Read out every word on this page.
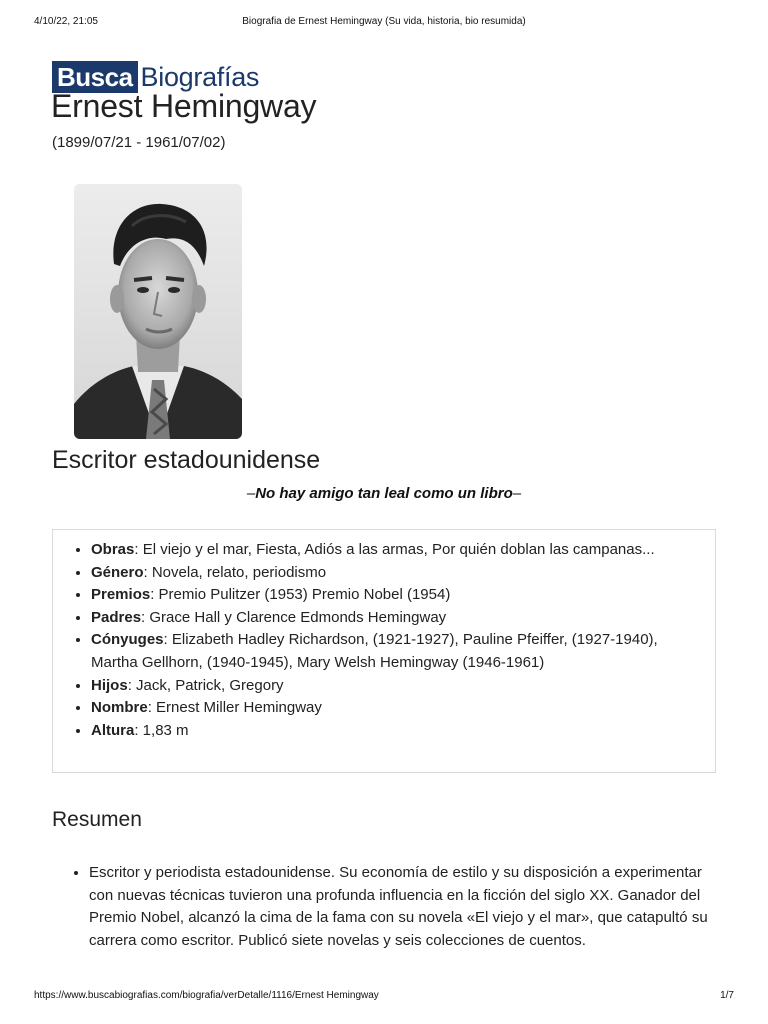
4/10/22, 21:05	Biografia de Ernest Hemingway (Su vida, historia, bio resumida)
Busca Biografías
Ernest Hemingway
(1899/07/21 - 1961/07/02)
Escritor estadounidense
–No hay amigo tan leal como un libro–
• Obras: El viejo y el mar, Fiesta, Adiós a las armas, Por quién doblan las campanas...
• Género: Novela, relato, periodismo
• Premios: Premio Pulitzer (1953) Premio Nobel (1954)
• Padres: Grace Hall y Clarence Edmonds Hemingway
• Cónyuges: Elizabeth Hadley Richardson, (1921-1927), Pauline Pfeiffer, (1927-1940), Martha Gellhorn, (1940-1945), Mary Welsh Hemingway (1946-1961)
• Hijos: Jack, Patrick, Gregory
• Nombre: Ernest Miller Hemingway
• Altura: 1,83 m
Resumen
• Escritor y periodista estadounidense. Su economía de estilo y su disposición a experimentar con nuevas técnicas tuvieron una profunda influencia en la ficción del siglo XX. Ganador del Premio Nobel, alcanzó la cima de la fama con su novela «El viejo y el mar», que catapultó su carrera como escritor. Publicó siete novelas y seis colecciones de cuentos.
https://www.buscabiografias.com/biografia/verDetalle/1116/Ernest Hemingway	1/7
